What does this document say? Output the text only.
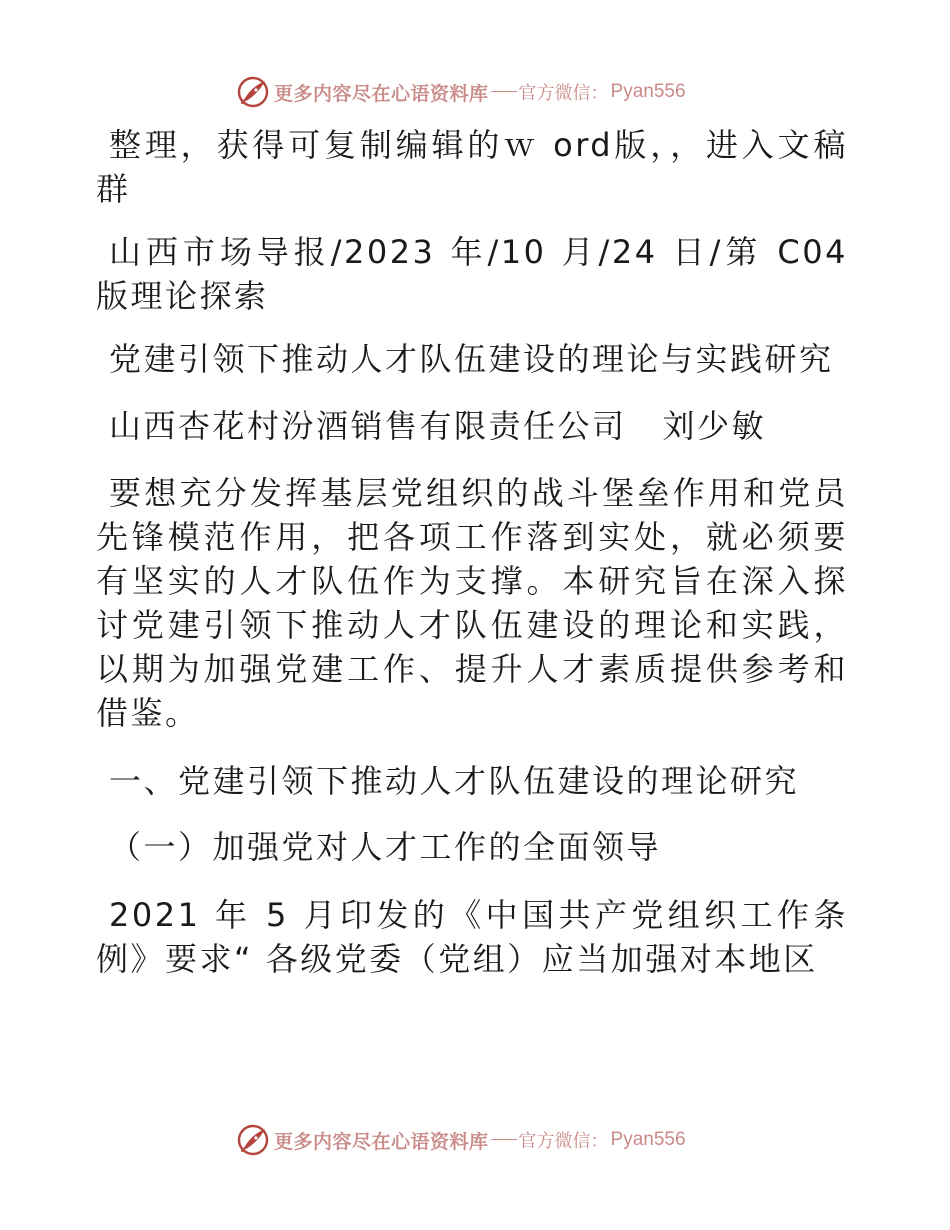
更多内容尽在心语资料库 官方微信： Pyan556

整理，获得可复制编辑的ｗ ord版，，进入文稿群

山西市场导报/2023 年/10 月/24 日/第 C04 版理论探索

党建引领下推动人才队伍建设的理论与实践研究

山西杏花村汾酒销售有限责任公司 刘少敏

要想充分发挥基层党组织的战斗堡垒作用和党员先锋模范作用，把各项工作落到实处，就必须要有坚实的人才队伍作为支撑。本研究旨在深入探讨党建引领下推动人才队伍建设的理论和实践，以期为加强党建工作、提升人才素质提供参考和借鉴。

一、党建引领下推动人才队伍建设的理论研究

（一）加强党对人才工作的全面领导

2021 年 5 月印发的《中国共产党组织工作条例》要求“ 各级党委（党组）应当加强对本地区

更多内容尽在心语资料库 官方微信： Pyan556
